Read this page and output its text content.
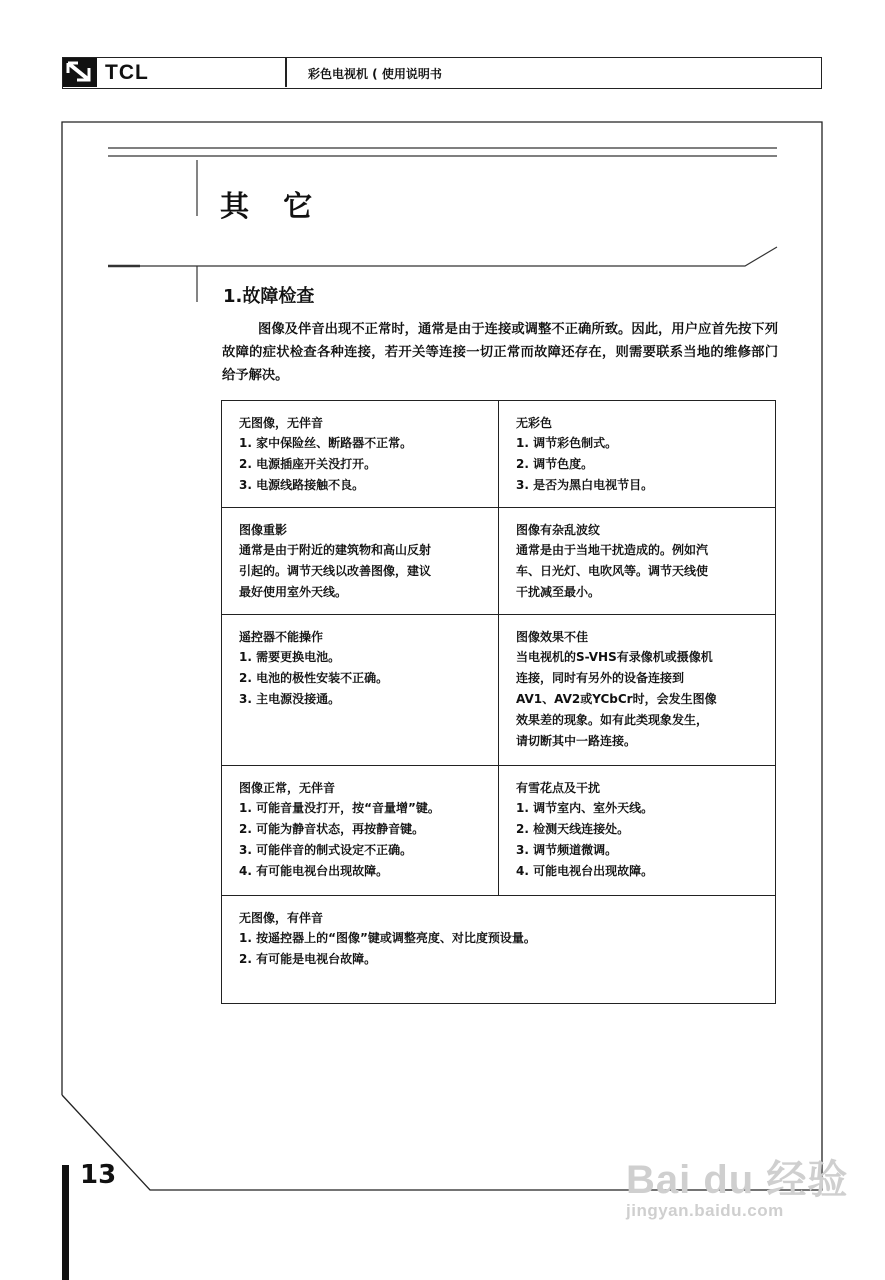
TCL	彩色电视机 ( 使用说明书
其 它
1.故障检查
图像及伴音出现不正常时，通常是由于连接或调整不正确所致。因此，用户应首先按下列故障的症状检查各种连接，若开关等连接一切正常而故障还存在，则需要联系当地的维修部门给予解决。
无图像，无伴音
1. 家中保险丝、断路器不正常。
2. 电源插座开关没打开。
3. 电源线路接触不良。
无彩色
1. 调节彩色制式。
2. 调节色度。
3. 是否为黑白电视节目。
图像重影
通常是由于附近的建筑物和高山反射
引起的。调节天线以改善图像，建议
最好使用室外天线。
图像有杂乱波纹
通常是由于当地干扰造成的。例如汽
车、日光灯、电吹风等。调节天线使
干扰减至最小。
遥控器不能操作
1. 需要更换电池。
2. 电池的极性安装不正确。
3. 主电源没接通。
图像效果不佳
当电视机的S-VHS有录像机或摄像机
连接，同时有另外的设备连接到
AV1、AV2或YCbCr时，会发生图像
效果差的现象。如有此类现象发生，
请切断其中一路连接。
图像正常，无伴音
1. 可能音量没打开，按“音量增”键。
2. 可能为静音状态，再按静音键。
3. 可能伴音的制式设定不正确。
4. 有可能电视台出现故障。
有雪花点及干扰
1. 调节室内、室外天线。
2. 检测天线连接处。
3. 调节频道微调。
4. 可能电视台出现故障。
无图像，有伴音
1. 按遥控器上的“图像”键或调整亮度、对比度预设量。
2. 有可能是电视台故障。
13	Bai du 经验
jingyan.baidu.com
